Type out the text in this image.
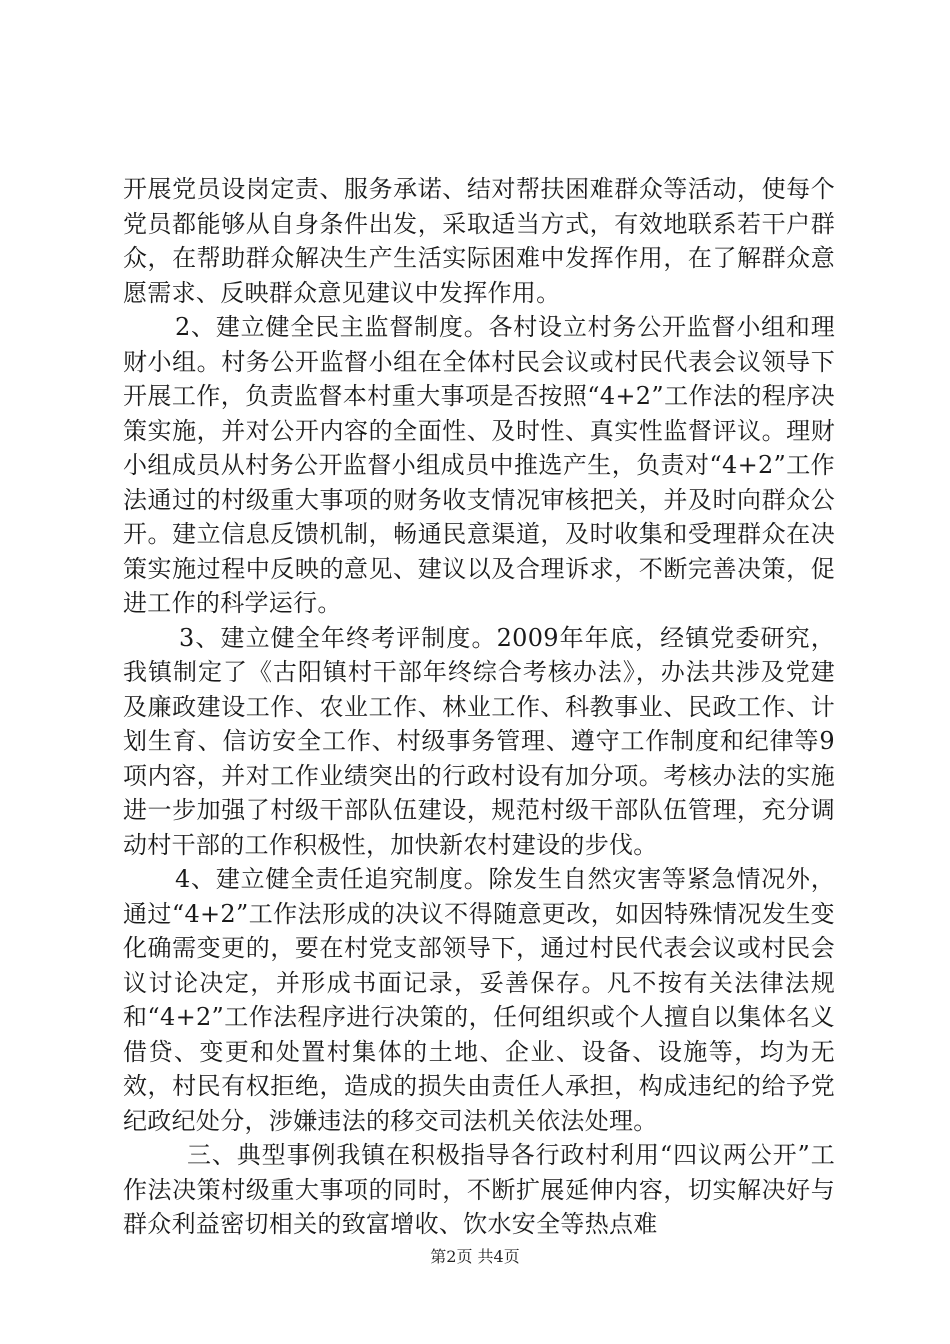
开展党员设岗定责、服务承诺、结对帮扶困难群众等活动，使每个党员都能够从自身条件出发，采取适当方式，有效地联系若干户群众，在帮助群众解决生产生活实际困难中发挥作用，在了解群众意愿需求、反映群众意见建议中发挥作用。

2、建立健全民主监督制度。各村设立村务公开监督小组和理财小组。村务公开监督小组在全体村民会议或村民代表会议领导下开展工作，负责监督本村重大事项是否按照“4+2”工作法的程序决策实施，并对公开内容的全面性、及时性、真实性监督评议。理财小组成员从村务公开监督小组成员中推选产生，负责对“4+2”工作法通过的村级重大事项的财务收支情况审核把关，并及时向群众公开。建立信息反馈机制，畅通民意渠道，及时收集和受理群众在决策实施过程中反映的意见、建议以及合理诉求，不断完善决策，促进工作的科学运行。

3、建立健全年终考评制度。2009年年底，经镇党委研究，我镇制定了《古阳镇村干部年终综合考核办法》，办法共涉及党建及廉政建设工作、农业工作、林业工作、科教事业、民政工作、计划生育、信访安全工作、村级事务管理、遵守工作制度和纪律等9项内容，并对工作业绩突出的行政村设有加分项。考核办法的实施进一步加强了村级干部队伍建设，规范村级干部队伍管理，充分调动村干部的工作积极性，加快新农村建设的步伐。

4、建立健全责任追究制度。除发生自然灾害等紧急情况外，通过“4+2”工作法形成的决议不得随意更改，如因特殊情况发生变化确需变更的，要在村党支部领导下，通过村民代表会议或村民会议讨论决定，并形成书面记录，妥善保存。凡不按有关法律法规和“4+2”工作法程序进行决策的，任何组织或个人擅自以集体名义借贷、变更和处置村集体的土地、企业、设备、设施等，均为无效，村民有权拒绝，造成的损失由责任人承担，构成违纪的给予党纪政纪处分，涉嫌违法的移交司法机关依法处理。

三、典型事例我镇在积极指导各行政村利用“四议两公开”工作法决策村级重大事项的同时，不断扩展延伸内容，切实解决好与群众利益密切相关的致富增收、饮水安全等热点难

第2页 共4页
